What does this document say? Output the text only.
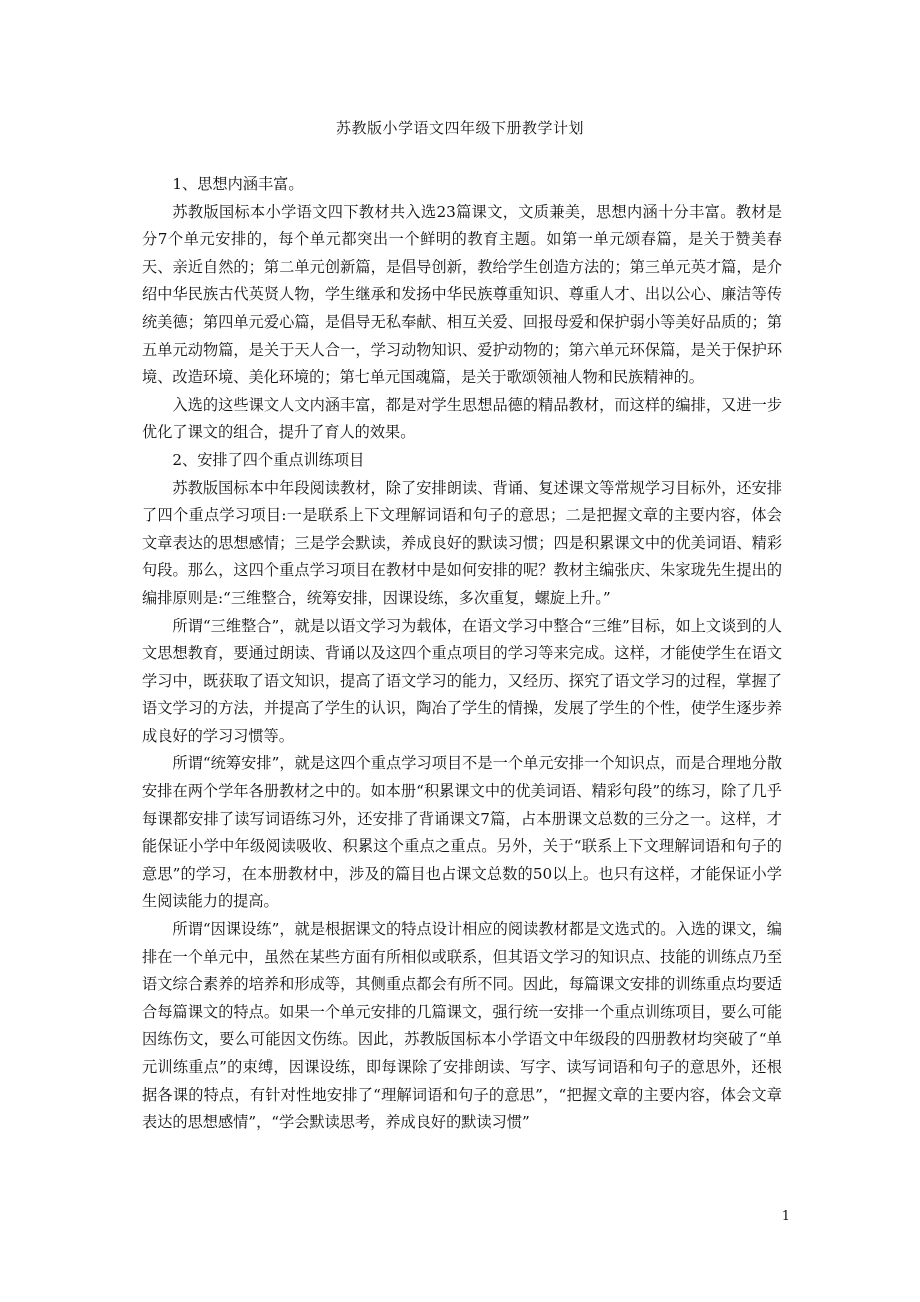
苏教版小学语文四年级下册教学计划

1、思想内涵丰富。

苏教版国标本小学语文四下教材共入选23篇课文，文质兼美，思想内涵十分丰富。教材是分7个单元安排的，每个单元都突出一个鲜明的教育主题。如第一单元颂春篇，是关于赞美春天、亲近自然的；第二单元创新篇，是倡导创新，教给学生创造方法的；第三单元英才篇，是介绍中华民族古代英贤人物，学生继承和发扬中华民族尊重知识、尊重人才、出以公心、廉洁等传统美德；第四单元爱心篇，是倡导无私奉献、相互关爱、回报母爱和保护弱小等美好品质的；第五单元动物篇，是关于天人合一，学习动物知识、爱护动物的；第六单元环保篇，是关于保护环境、改造环境、美化环境的；第七单元国魂篇，是关于歌颂领袖人物和民族精神的。

入选的这些课文人文内涵丰富，都是对学生思想品德的精品教材，而这样的编排，又进一步优化了课文的组合，提升了育人的效果。

2、安排了四个重点训练项目

苏教版国标本中年段阅读教材，除了安排朗读、背诵、复述课文等常规学习目标外，还安排了四个重点学习项目:一是联系上下文理解词语和句子的意思；二是把握文章的主要内容，体会文章表达的思想感情；三是学会默读，养成良好的默读习惯；四是积累课文中的优美词语、精彩句段。那么，这四个重点学习项目在教材中是如何安排的呢？教材主编张庆、朱家珑先生提出的编排原则是:“三维整合，统筹安排，因课设练，多次重复，螺旋上升。”

所谓“三维整合”，就是以语文学习为载体，在语文学习中整合“三维”目标，如上文谈到的人文思想教育，要通过朗读、背诵以及这四个重点项目的学习等来完成。这样，才能使学生在语文学习中，既获取了语文知识，提高了语文学习的能力，又经历、探究了语文学习的过程，掌握了语文学习的方法，并提高了学生的认识，陶冶了学生的情操，发展了学生的个性，使学生逐步养成良好的学习习惯等。

所谓“统筹安排”，就是这四个重点学习项目不是一个单元安排一个知识点，而是合理地分散安排在两个学年各册教材之中的。如本册“积累课文中的优美词语、精彩句段”的练习，除了几乎每课都安排了读写词语练习外，还安排了背诵课文7篇，占本册课文总数的三分之一。这样，才能保证小学中年级阅读吸收、积累这个重点之重点。另外，关于“联系上下文理解词语和句子的意思”的学习，在本册教材中，涉及的篇目也占课文总数的50以上。也只有这样，才能保证小学生阅读能力的提高。

所谓“因课设练”，就是根据课文的特点设计相应的阅读教材都是文选式的。入选的课文，编排在一个单元中，虽然在某些方面有所相似或联系，但其语文学习的知识点、技能的训练点乃至语文综合素养的培养和形成等，其侧重点都会有所不同。因此，每篇课文安排的训练重点均要适合每篇课文的特点。如果一个单元安排的几篇课文，强行统一安排一个重点训练项目，要么可能因练伤文，要么可能因文伤练。因此，苏教版国标本小学语文中年级段的四册教材均突破了“单元训练重点”的束缚，因课设练，即每课除了安排朗读、写字、读写词语和句子的意思外，还根据各课的特点，有针对性地安排了“理解词语和句子的意思”，“把握文章的主要内容，体会文章表达的思想感情”，“学会默读思考，养成良好的默读习惯”

1
